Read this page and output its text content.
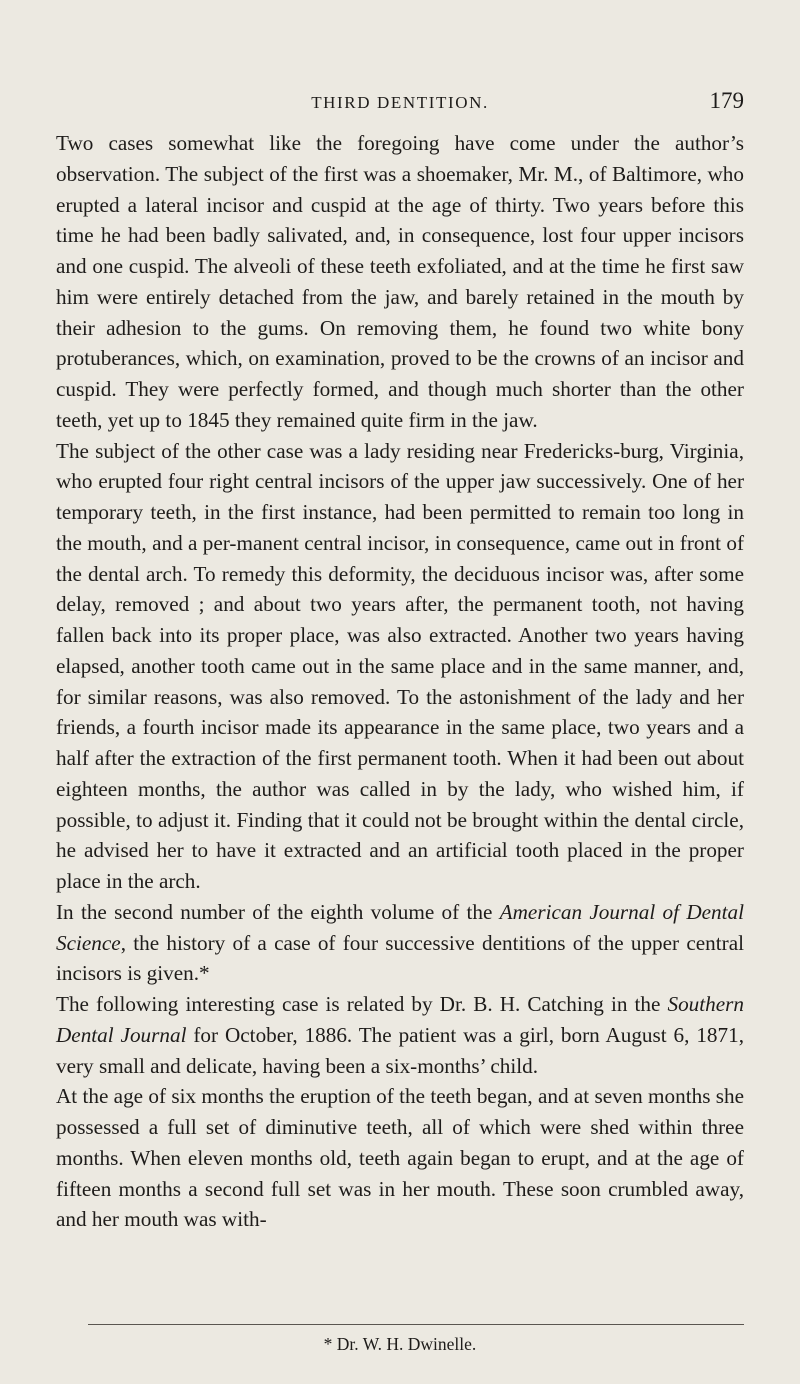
THIRD DENTITION.	179

Two cases somewhat like the foregoing have come under the author’s observation. The subject of the first was a shoemaker, Mr. M., of Baltimore, who erupted a lateral incisor and cuspid at the age of thirty. Two years before this time he had been badly salivated, and, in consequence, lost four upper incisors and one cuspid. The alveoli of these teeth exfoliated, and at the time he first saw him were entirely detached from the jaw, and barely retained in the mouth by their adhesion to the gums. On removing them, he found two white bony protuberances, which, on examination, proved to be the crowns of an incisor and cuspid. They were perfectly formed, and though much shorter than the other teeth, yet up to 1845 they remained quite firm in the jaw.

The subject of the other case was a lady residing near Fredericks-burg, Virginia, who erupted four right central incisors of the upper jaw successively. One of her temporary teeth, in the first instance, had been permitted to remain too long in the mouth, and a per-manent central incisor, in consequence, came out in front of the dental arch. To remedy this deformity, the deciduous incisor was, after some delay, removed ; and about two years after, the permanent tooth, not having fallen back into its proper place, was also extracted. Another two years having elapsed, another tooth came out in the same place and in the same manner, and, for similar reasons, was also removed. To the astonishment of the lady and her friends, a fourth incisor made its appearance in the same place, two years and a half after the extraction of the first permanent tooth. When it had been out about eighteen months, the author was called in by the lady, who wished him, if possible, to adjust it. Finding that it could not be brought within the dental circle, he advised her to have it extracted and an artificial tooth placed in the proper place in the arch.

In the second number of the eighth volume of the American Journal of Dental Science, the history of a case of four successive dentitions of the upper central incisors is given.*

The following interesting case is related by Dr. B. H. Catching in the Southern Dental Journal for October, 1886. The patient was a girl, born August 6, 1871, very small and delicate, having been a six-months’ child.

At the age of six months the eruption of the teeth began, and at seven months she possessed a full set of diminutive teeth, all of which were shed within three months. When eleven months old, teeth again began to erupt, and at the age of fifteen months a second full set was in her mouth. These soon crumbled away, and her mouth was with-

* Dr. W. H. Dwinelle.
